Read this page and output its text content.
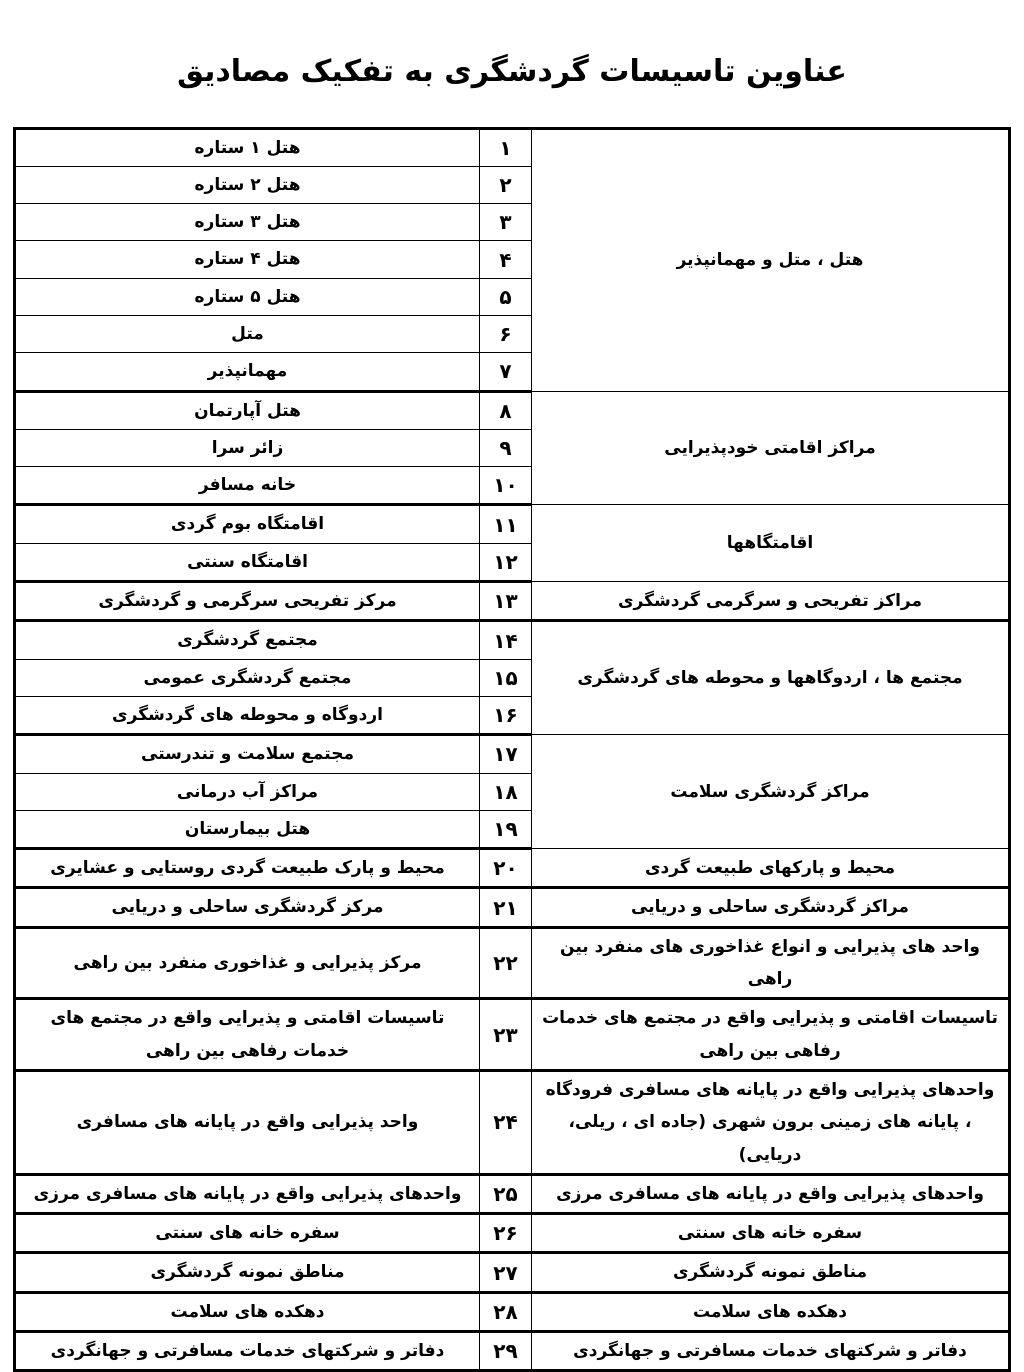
عناوین تاسیسات گردشگری به تفکیک مصادیق
هتل ، متل و مهمانپذیر	۱	هتل ۱ ستاره
	۲	هتل ۲ ستاره
	۳	هتل ۳ ستاره
	۴	هتل ۴ ستاره
	۵	هتل ۵ ستاره
	۶	متل
	۷	مهمانپذیر
مراکز اقامتی خودپذیرایی	۸	هتل آپارتمان
	۹	زائر سرا
	۱۰	خانه مسافر
اقامتگاهها	۱۱	اقامتگاه بوم گردی
	۱۲	اقامتگاه سنتی
مراکز تفریحی و سرگرمی گردشگری	۱۳	مرکز تفریحی سرگرمی و گردشگری
مجتمع ها ، اردوگاهها و محوطه های گردشگری	۱۴	مجتمع گردشگری
	۱۵	مجتمع گردشگری عمومی
	۱۶	اردوگاه و محوطه های گردشگری
مراکز گردشگری سلامت	۱۷	مجتمع سلامت و تندرستی
	۱۸	مراکز آب درمانی
	۱۹	هتل بیمارستان
محیط و پارکهای طبیعت گردی	۲۰	محیط و پارک طبیعت گردی روستایی و عشایری
مراکز گردشگری ساحلی و دریایی	۲۱	مرکز گردشگری ساحلی و دریایی
واحد های پذیرایی و انواع غذاخوری های منفرد بین راهی	۲۲	مرکز پذیرایی و غذاخوری منفرد بین راهی
تاسیسات اقامتی و پذیرایی واقع در مجتمع های خدمات رفاهی بین راهی	۲۳	تاسیسات اقامتی و پذیرایی واقع در مجتمع های خدمات رفاهی بین راهی
واحدهای پذیرایی واقع در پایانه های مسافری فرودگاه ، پایانه های زمینی برون شهری (جاده ای ، ریلی، دریایی)	۲۴	واحد پذیرایی واقع در پایانه های مسافری
واحدهای پذیرایی واقع در پایانه های مسافری مرزی	۲۵	واحدهای پذیرایی واقع در پایانه های مسافری مرزی
سفره خانه های سنتی	۲۶	سفره خانه های سنتی
مناطق نمونه گردشگری	۲۷	مناطق نمونه گردشگری
دهکده های سلامت	۲۸	دهکده های سلامت
دفاتر و شرکتهای خدمات مسافرتی و جهانگردی	۲۹	دفاتر و شرکتهای خدمات مسافرتی و جهانگردی
